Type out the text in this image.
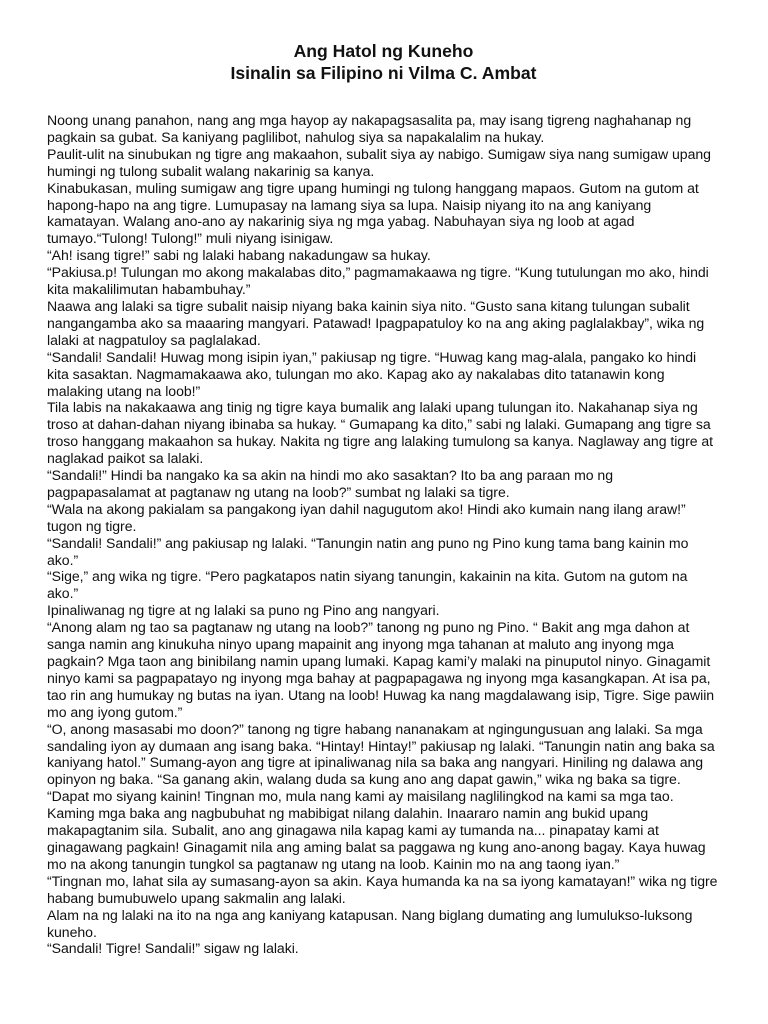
Ang Hatol ng Kuneho
Isinalin sa Filipino ni Vilma C. Ambat

Noong unang panahon, nang ang mga hayop ay nakapagsasalita pa, may isang tigreng naghahanap ng pagkain sa gubat. Sa kaniyang paglilibot, nahulog siya sa napakalalim na hukay.

Paulit-ulit na sinubukan ng tigre ang makaahon, subalit siya ay nabigo. Sumigaw siya nang sumigaw upang humingi ng tulong subalit walang nakarinig sa kanya.

Kinabukasan, muling sumigaw ang tigre upang humingi ng tulong hanggang mapaos. Gutom na gutom at hapong-hapo na ang tigre. Lumupasay na lamang siya sa lupa. Naisip niyang ito na ang kaniyang kamatayan. Walang ano-ano ay nakarinig siya ng mga yabag. Nabuhayan siya ng loob at agad tumayo.“Tulong! Tulong!” muli niyang isinigaw.

“Ah! isang tigre!” sabi ng lalaki habang nakadungaw sa hukay.

“Pakiusa.p! Tulungan mo akong makalabas dito,” pagmamakaawa ng tigre. “Kung tutulungan mo ako, hindi kita makalilimutan habambuhay.”

Naawa ang lalaki sa tigre subalit naisip niyang baka kainin siya nito. “Gusto sana kitang tulungan subalit nangangamba ako sa maaaring mangyari. Patawad! Ipagpapatuloy ko na ang aking paglalakbay”, wika ng lalaki at nagpatuloy sa paglalakad.

“Sandali! Sandali! Huwag mong isipin iyan,” pakiusap ng tigre. “Huwag kang mag-alala, pangako ko hindi kita sasaktan. Nagmamakaawa ako, tulungan mo ako. Kapag ako ay nakalabas dito tatanawin kong malaking utang na loob!”

Tila labis na nakakaawa ang tinig ng tigre kaya bumalik ang lalaki upang tulungan ito. Nakahanap siya ng troso at dahan-dahan niyang ibinaba sa hukay. “ Gumapang ka dito,” sabi ng lalaki. Gumapang ang tigre sa troso hanggang makaahon sa hukay. Nakita ng tigre ang lalaking tumulong sa kanya. Naglaway ang tigre at naglakad paikot sa lalaki.

“Sandali!” Hindi ba nangako ka sa akin na hindi mo ako sasaktan? Ito ba ang paraan mo ng pagpapasalamat at pagtanaw ng utang na loob?” sumbat ng lalaki sa tigre.

“Wala na akong pakialam sa pangakong iyan dahil nagugutom ako! Hindi ako kumain nang ilang araw!” tugon ng tigre.

“Sandali! Sandali!” ang pakiusap ng lalaki. “Tanungin natin ang puno ng Pino kung tama bang kainin mo ako.”

“Sige,” ang wika ng tigre. “Pero pagkatapos natin siyang tanungin, kakainin na kita. Gutom na gutom na ako.”

Ipinaliwanag ng tigre at ng lalaki sa puno ng Pino ang nangyari.

“Anong alam ng tao sa pagtanaw ng utang na loob?” tanong ng puno ng Pino. “ Bakit ang mga dahon at sanga namin ang kinukuha ninyo upang mapainit ang inyong mga tahanan at maluto ang inyong mga pagkain? Mga taon ang binibilang namin upang lumaki. Kapag kami’y malaki na pinuputol ninyo. Ginagamit ninyo kami sa pagpapatayo ng inyong mga bahay at pagpapagawa ng inyong mga kasangkapan. At isa pa, tao rin ang humukay ng butas na iyan. Utang na loob! Huwag ka nang magdalawang isip, Tigre. Sige pawiin mo ang iyong gutom.”

“O, anong masasabi mo doon?” tanong ng tigre habang nananakam at ngingungusuan ang lalaki. Sa mga sandaling iyon ay dumaan ang isang baka. “Hintay! Hintay!” pakiusap ng lalaki. “Tanungin natin ang baka sa kaniyang hatol.” Sumang-ayon ang tigre at ipinaliwanag nila sa baka ang nangyari. Hiniling ng dalawa ang opinyon ng baka. “Sa ganang akin, walang duda sa kung ano ang dapat gawin,” wika ng baka sa tigre. “Dapat mo siyang kainin! Tingnan mo, mula nang kami ay maisilang naglilingkod na kami sa mga tao. Kaming mga baka ang nagbubuhat ng mabibigat nilang dalahin. Inaararo namin ang bukid upang makapagtanim sila. Subalit, ano ang ginagawa nila kapag kami ay tumanda na... pinapatay kami at ginagawang pagkain! Ginagamit nila ang aming balat sa paggawa ng kung ano-anong bagay. Kaya huwag mo na akong tanungin tungkol sa pagtanaw ng utang na loob. Kainin mo na ang taong iyan.”

“Tingnan mo, lahat sila ay sumasang-ayon sa akin. Kaya humanda ka na sa iyong kamatayan!” wika ng tigre habang bumubuwelo upang sakmalin ang lalaki.

Alam na ng lalaki na ito na nga ang kaniyang katapusan. Nang biglang dumating ang lumulukso-luksong kuneho.

“Sandali! Tigre! Sandali!” sigaw ng lalaki.
